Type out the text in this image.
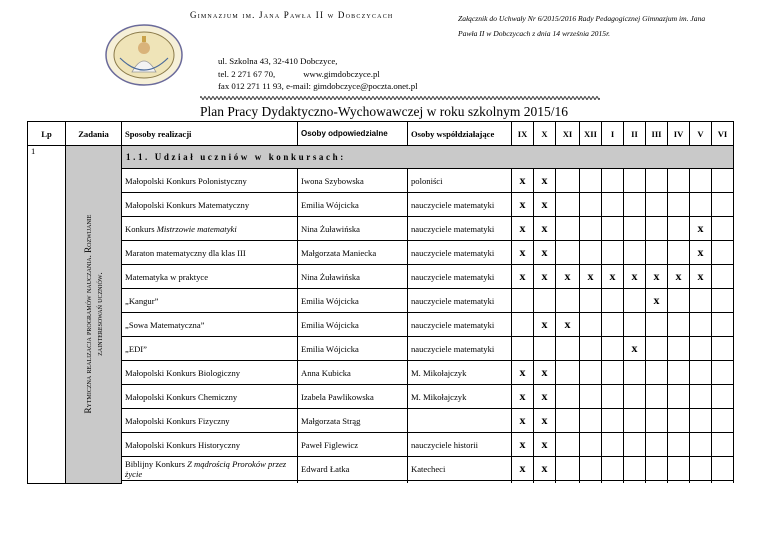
Gimnazjum im. Jana Pawła II w Dobczycach	Załącznik do Uchwały Nr 6/2015/2016 Rady Pedagogicznej Gimnazjum im. Jana
Pawła II w Dobczycach z dnia 14 września 2015r.
ul. Szkolna 43, 32-410 Dobczyce,
tel. 2 271 67 70,	www.gimdobczyce.pl
fax 012 271 11 93, e-mail: gimdobczyce@poczta.onet.pl
Plan Pracy Dydaktyczno-Wychowawczej w roku szkolnym 2015/16
Lp	Zadania	Sposoby realizacji	Osoby odpowiedzialne	Osoby współdziałające	IX	X	XI	XII	I	II	III	IV	V	VI
1	Rytmiczna realizacja programów nauczania. Rozwijanie zainteresowań uczniów.	1.1. Udział uczniów w konkursach:												
		Małopolski Konkurs Polonistyczny	Iwona Szybowska	poloniści	x	x								
		Małopolski Konkurs Matematyczny	Emilia Wójcicka	nauczyciele matematyki	x	x								
		Konkurs Mistrzowie matematyki	Nina Żuławińska	nauczyciele matematyki	x	x							x	
		Maraton matematyczny dla klas III	Małgorzata Maniecka	nauczyciele matematyki	x	x							x	
		Matematyka w praktyce	Nina Żuławińska	nauczyciele matematyki	x	x	x	x	x	x	x	x	x	
		„Kangur”	Emilia Wójcicka	nauczyciele matematyki							x			
		„Sowa Matematyczna”	Emilia Wójcicka	nauczyciele matematyki		x	x							
		„EDI”	Emilia Wójcicka	nauczyciele matematyki						x				
		Małopolski Konkurs Biologiczny	Anna Kubicka	M. Mikołajczyk	x	x								
		Małopolski Konkurs Chemiczny	Izabela Pawlikowska	M. Mikołajczyk	x	x								
		Małopolski Konkurs Fizyczny	Małgorzata Strąg		x	x								
		Małopolski Konkurs Historyczny	Paweł Figlewicz	nauczyciele historii	x	x								
		Biblijny Konkurs Z mądrością Proroków przez życie	Edward Łatka	Katecheci	x	x								
